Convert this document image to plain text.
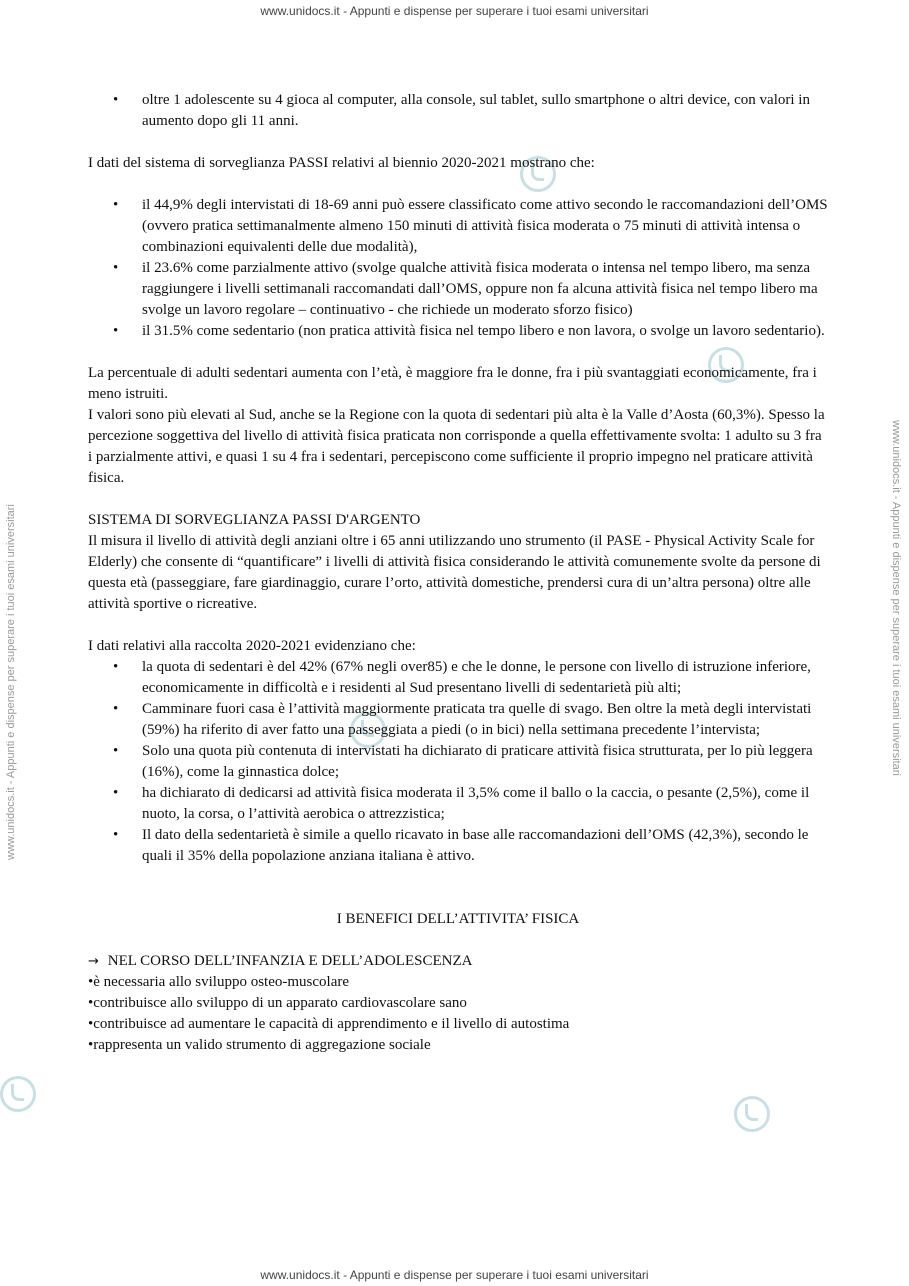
www.unidocs.it - Appunti e dispense per superare i tuoi esami universitari
www.unidocs.it - Appunti e dispense per superare i tuoi esami universitari	www.unidocs.it - Appunti e dispense per superare i tuoi esami universitari
• oltre 1 adolescente su 4 gioca al computer, alla console, sul tablet, sullo smartphone o altri device, con valori in aumento dopo gli 11 anni.

I dati del sistema di sorveglianza PASSI relativi al biennio 2020-2021 mostrano che:

• il 44,9% degli intervistati di 18-69 anni può essere classificato come attivo secondo le raccomandazioni dell’OMS (ovvero pratica settimanalmente almeno 150 minuti di attività fisica moderata o 75 minuti di attività intensa o combinazioni equivalenti delle due modalità),
• il 23.6% come parzialmente attivo (svolge qualche attività fisica moderata o intensa nel tempo libero, ma senza raggiungere i livelli settimanali raccomandati dall’OMS, oppure non fa alcuna attività fisica nel tempo libero ma svolge un lavoro regolare – continuativo - che richiede un moderato sforzo fisico)
• il 31.5% come sedentario (non pratica attività fisica nel tempo libero e non lavora, o svolge un lavoro sedentario).

La percentuale di adulti sedentari aumenta con l’età, è maggiore fra le donne, fra i più svantaggiati economicamente, fra i meno istruiti.

I valori sono più elevati al Sud, anche se la Regione con la quota di sedentari più alta è la Valle d’Aosta (60,3%). Spesso la percezione soggettiva del livello di attività fisica praticata non corrisponde a quella effettivamente svolta: 1 adulto su 3 fra i parzialmente attivi, e quasi 1 su 4 fra i sedentari, percepiscono come sufficiente il proprio impegno nel praticare attività fisica.

SISTEMA DI SORVEGLIANZA PASSI D'ARGENTO

Il misura il livello di attività degli anziani oltre i 65 anni utilizzando uno strumento (il PASE - Physical Activity Scale for Elderly) che consente di “quantificare” i livelli di attività fisica considerando le attività comunemente svolte da persone di questa età (passeggiare, fare giardinaggio, curare l’orto, attività domestiche, prendersi cura di un’altra persona) oltre alle attività sportive o ricreative.

I dati relativi alla raccolta 2020-2021 evidenziano che:

• la quota di sedentari è del 42% (67% negli over85) e che le donne, le persone con livello di istruzione inferiore, economicamente in difficoltà e i residenti al Sud presentano livelli di sedentarietà più alti;
• Camminare fuori casa è l’attività maggiormente praticata tra quelle di svago. Ben oltre la metà degli intervistati (59%) ha riferito di aver fatto una passeggiata a piedi (o in bici) nella settimana precedente l’intervista;
• Solo una quota più contenuta di intervistati ha dichiarato di praticare attività fisica strutturata, per lo più leggera (16%), come la ginnastica dolce;
• ha dichiarato di dedicarsi ad attività fisica moderata il 3,5% come il ballo o la caccia, o pesante (2,5%), come il nuoto, la corsa, o l’attività aerobica o attrezzistica;
• Il dato della sedentarietà è simile a quello ricavato in base alle raccomandazioni dell’OMS (42,3%), secondo le quali il 35% della popolazione anziana italiana è attivo.

I BENEFICI DELL’ATTIVITA’ FISICA

→ NEL CORSO DELL’INFANZIA E DELL’ADOLESCENZA

•è necessaria allo sviluppo osteo-muscolare

•contribuisce allo sviluppo di un apparato cardiovascolare sano

•contribuisce ad aumentare le capacità di apprendimento e il livello di autostima

•rappresenta un valido strumento di aggregazione sociale

www.unidocs.it - Appunti e dispense per superare i tuoi esami universitari
